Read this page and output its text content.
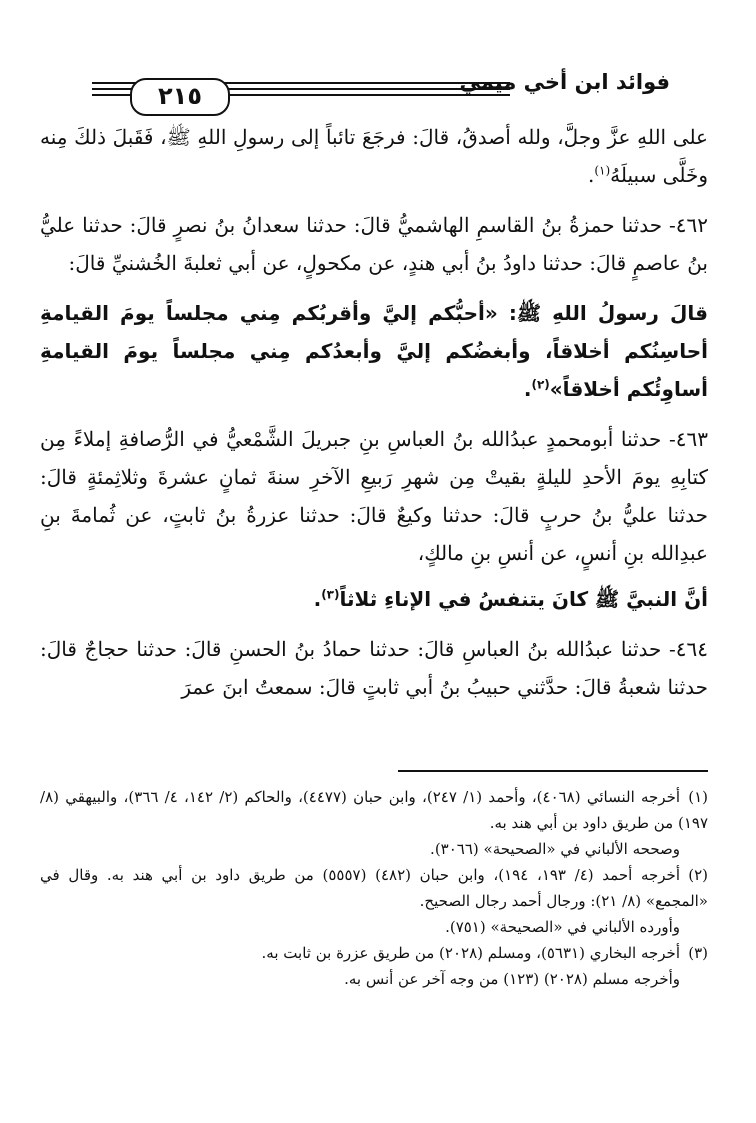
فوائد ابن أخي ميمي
٢١٥

على اللهِ عزَّ وجلَّ، ولله أصدقُ، قالَ: فرجَعَ تائباً إلى رسولِ اللهِ ﷺ، فَقَبلَ ذلكَ مِنه وخَلَّى سبيلَهُ$^{(١)}$.

٤٦٢- حدثنا حمزةُ بنُ القاسمِ الهاشميُّ قالَ: حدثنا سعدانُ بنُ نصرٍ قالَ: حدثنا عليُّ بنُ عاصمٍ قالَ: حدثنا داودُ بنُ أبي هندٍ، عن مكحولٍ، عن أبي ثعلبةَ الخُشنيِّ قالَ:

قالَ رسولُ اللهِ ﷺ: «أحبُّكم إليَّ وأقربُكم مِني مجلساً يومَ القيامةِ أحاسِنُكم أخلاقاً، وأبغضُكم إليَّ وأبعدُكم مِني مجلساً يومَ القيامةِ أساوِئُكم أخلاقاً»$^{(٢)}$.

٤٦٣- حدثنا أبومحمدٍ عبدُالله بنُ العباسِ بنِ جبريلَ الشَّمْعيُّ في الرُّصافةِ إملاءً مِن كتابِهِ يومَ الأحدِ لليلةٍ بقيتْ مِن شهرِ رَبيعِ الآخرِ سنةَ ثمانٍ عشرةَ وثلاثِمئةٍ قالَ: حدثنا عليُّ بنُ حربٍ قالَ: حدثنا وكيعٌ قالَ: حدثنا عزرةُ بنُ ثابتٍ، عن ثُمامةَ بنِ عبدِالله بنِ أنسٍ، عن أنسِ بنِ مالكٍ،

أنَّ النبيَّ ﷺ كانَ يتنفسُ في الإناءِ ثلاثاً$^{(٣)}$.

٤٦٤- حدثنا عبدُالله بنُ العباسِ قالَ: حدثنا حمادُ بنُ الحسنِ قالَ: حدثنا حجاجٌ قالَ: حدثنا شعبةُ قالَ: حدَّثني حبيبُ بنُ أبي ثابتٍ قالَ: سمعتُ ابنَ عمرَ

(١)أخرجه النسائي (٤٠٦٨)، وأحمد (١/ ٢٤٧)، وابن حبان (٤٤٧٧)، والحاكم (٢/ ١٤٢، ٤/ ٣٦٦)، والبيهقي (٨/ ١٩٧) من طريق داود بن أبي هند به.

وصححه الألباني في «الصحيحة» (٣٠٦٦).

(٢)أخرجه أحمد (٤/ ١٩٣، ١٩٤)، وابن حبان (٤٨٢) (٥٥٥٧) من طريق داود بن أبي هند به. وقال في «المجمع» (٨/ ٢١): ورجال أحمد رجال الصحيح.

وأورده الألباني في «الصحيحة» (٧٥١).

(٣)أخرجه البخاري (٥٦٣١)، ومسلم (٢٠٢٨) من طريق عزرة بن ثابت به.

وأخرجه مسلم (٢٠٢٨) (١٢٣) من وجه آخر عن أنس به.
